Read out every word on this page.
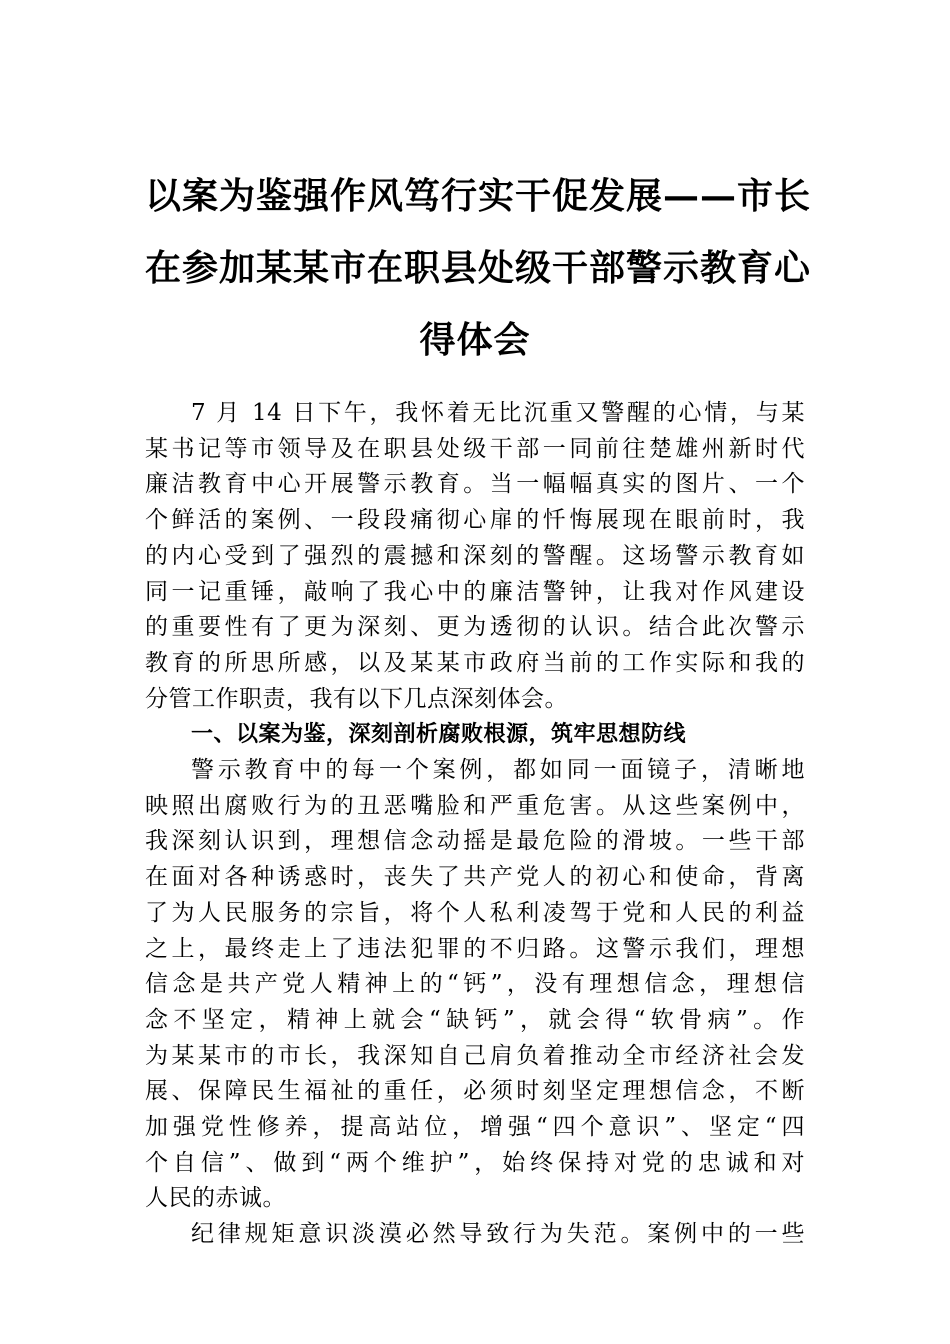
以案为鉴强作风笃行实干促发展——市长
在参加某某市在职县处级干部警示教育心
得体会
7 月 14 日下午，我怀着无比沉重又警醒的心情，与某
某书记等市领导及在职县处级干部一同前往楚雄州新时代
廉洁教育中心开展警示教育。当一幅幅真实的图片、一个
个鲜活的案例、一段段痛彻心扉的忏悔展现在眼前时，我
的内心受到了强烈的震撼和深刻的警醒。这场警示教育如
同一记重锤，敲响了我心中的廉洁警钟，让我对作风建设
的重要性有了更为深刻、更为透彻的认识。结合此次警示
教育的所思所感，以及某某市政府当前的工作实际和我的
分管工作职责，我有以下几点深刻体会。
一、以案为鉴，深刻剖析腐败根源，筑牢思想防线
警示教育中的每一个案例，都如同一面镜子，清晰地
映照出腐败行为的丑恶嘴脸和严重危害。从这些案例中，
我深刻认识到，理想信念动摇是最危险的滑坡。一些干部
在面对各种诱惑时，丧失了共产党人的初心和使命，背离
了为人民服务的宗旨，将个人私利凌驾于党和人民的利益
之上，最终走上了违法犯罪的不归路。这警示我们，理想
信念是共产党人精神上的“钙”，没有理想信念，理想信
念不坚定，精神上就会“缺钙”，就会得“软骨病”。作
为某某市的市长，我深知自己肩负着推动全市经济社会发
展、保障民生福祉的重任，必须时刻坚定理想信念，不断
加强党性修养，提高站位，增强“四个意识”、坚定“四
个自信”、做到“两个维护”，始终保持对党的忠诚和对
人民的赤诚。
纪律规矩意识淡漠必然导致行为失范。案例中的一些
